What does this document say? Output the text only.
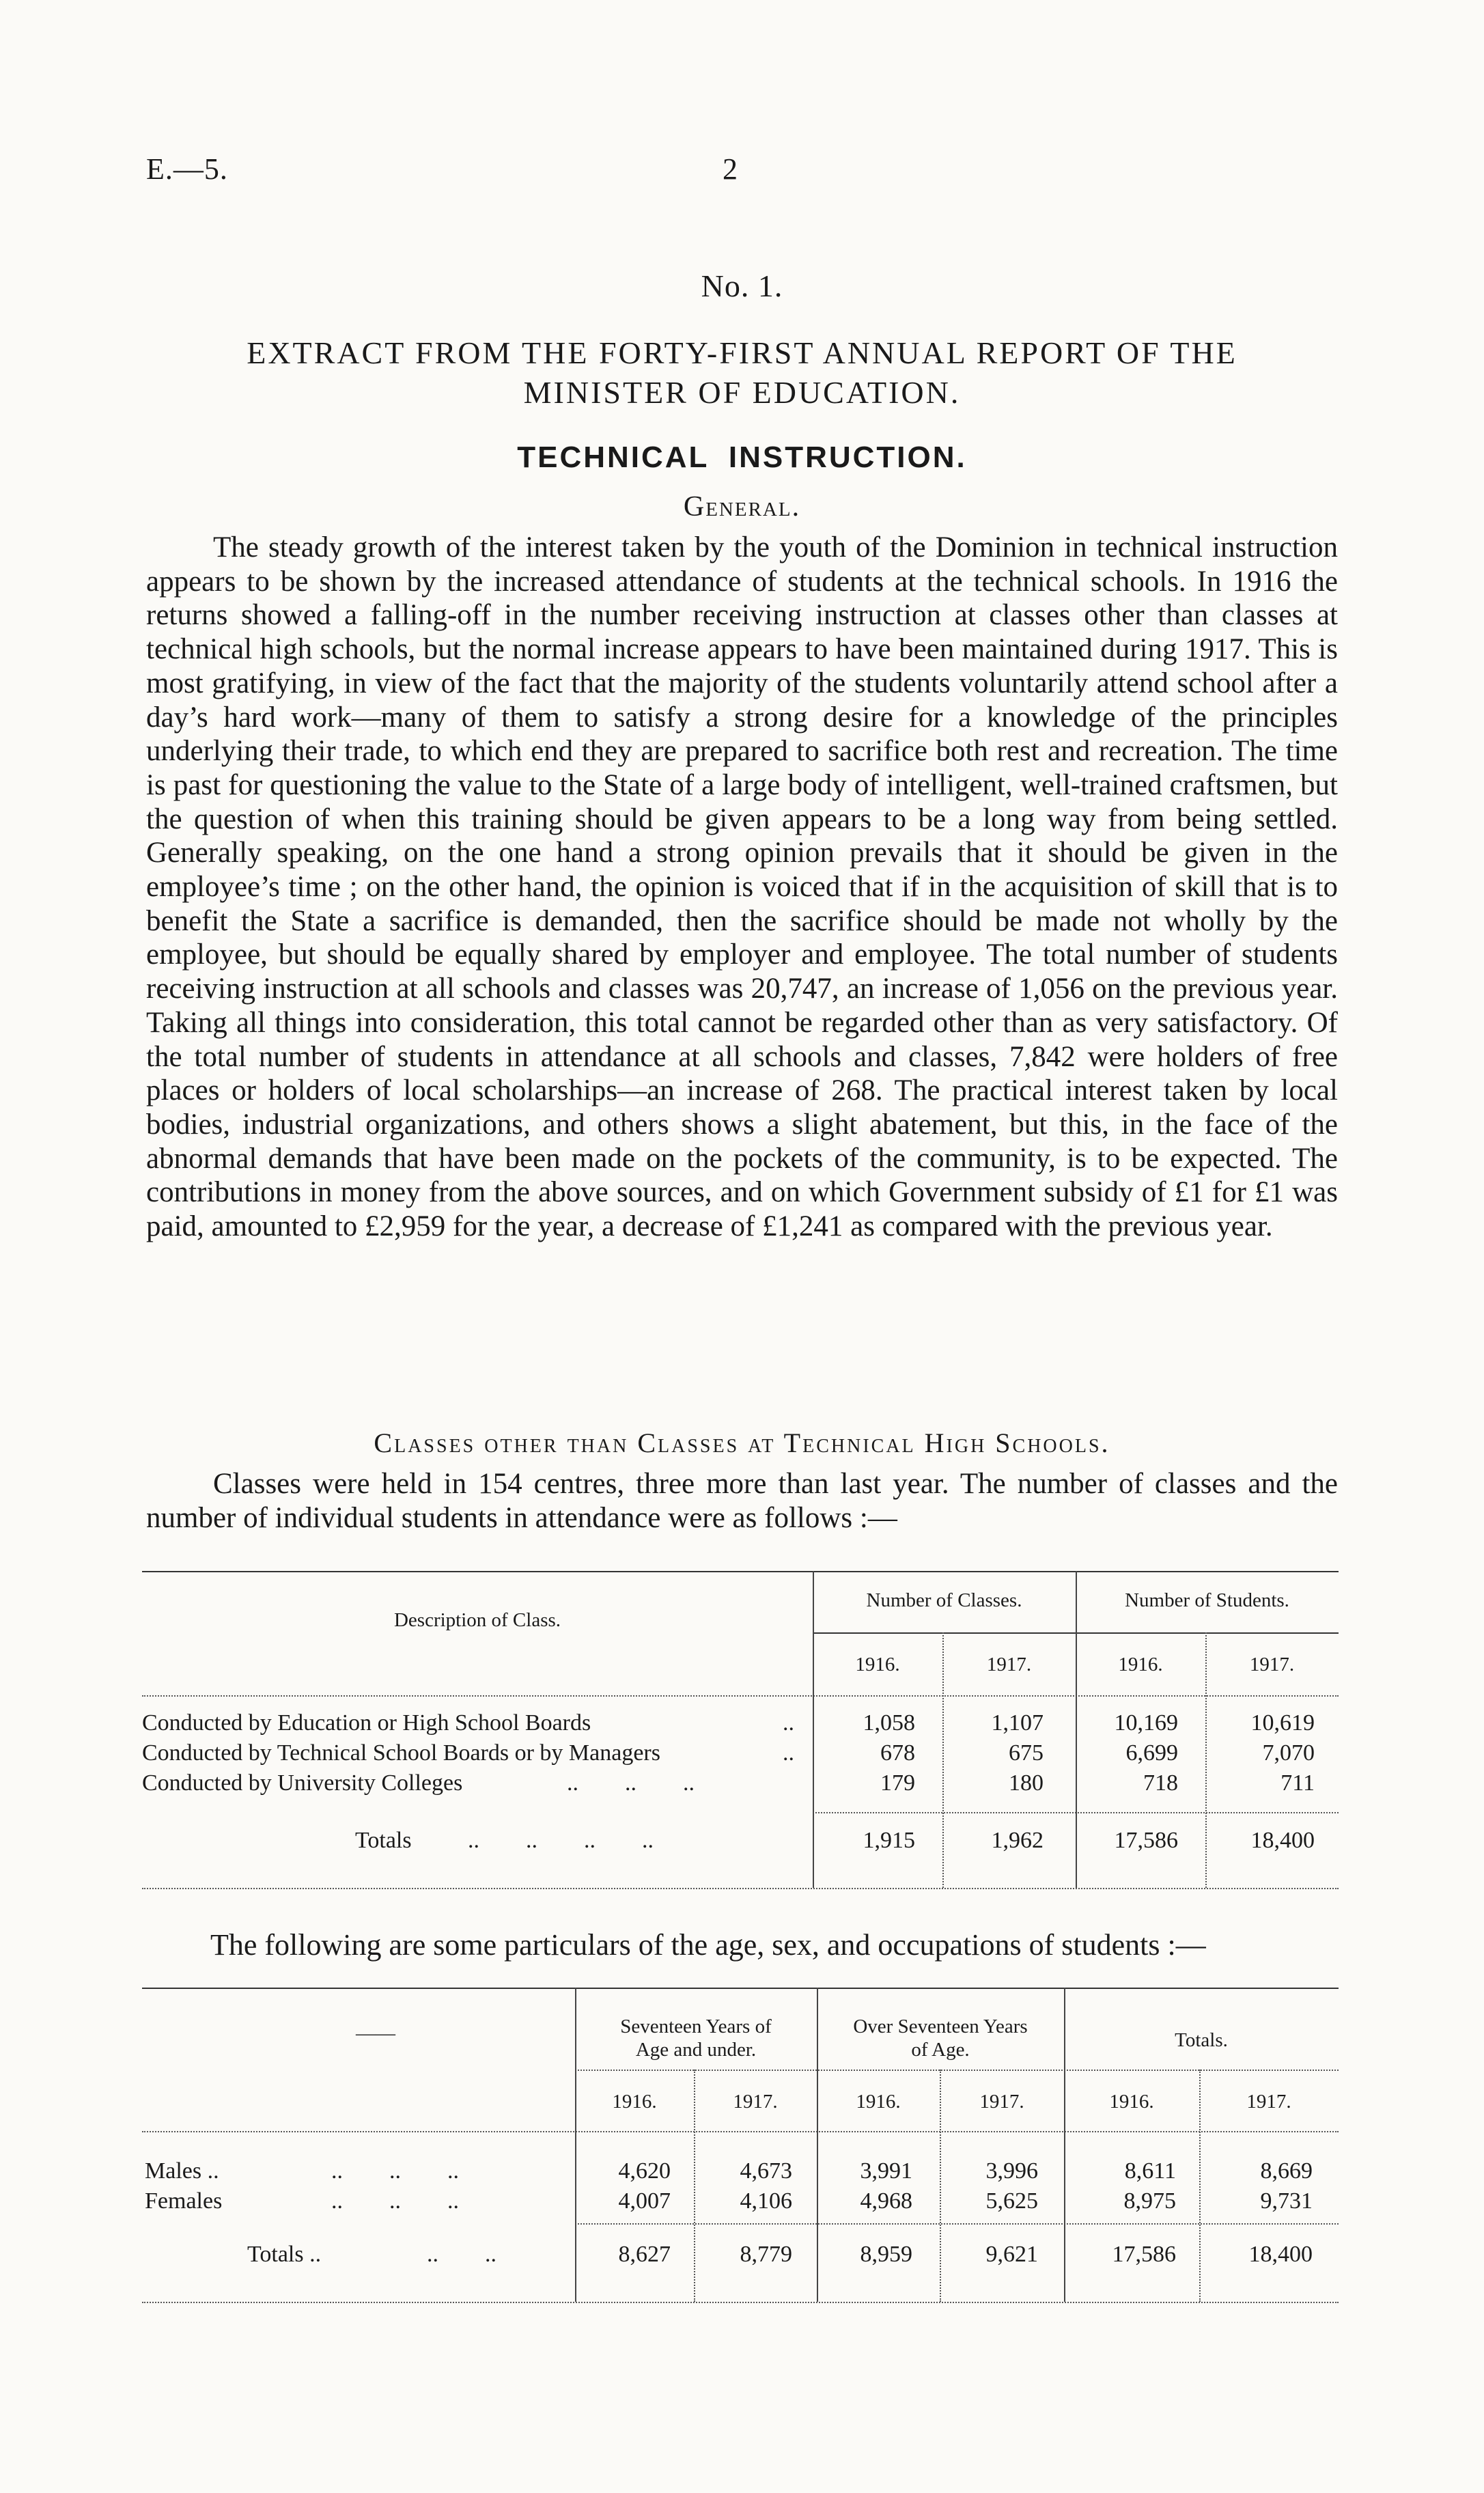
E.—5.	2
No. 1.
EXTRACT FROM THE FORTY-FIRST ANNUAL REPORT OF THE
MINISTER OF EDUCATION.
TECHNICAL INSTRUCTION.
General.

The steady growth of the interest taken by the youth of the Dominion in technical instruction appears to be shown by the increased attendance of students at the technical schools. In 1916 the returns showed a falling-off in the number receiving instruction at classes other than classes at technical high schools, but the normal increase appears to have been maintained during 1917. This is most gratifying, in view of the fact that the majority of the students voluntarily attend school after a day’s hard work—many of them to satisfy a strong desire for a knowledge of the principles underlying their trade, to which end they are prepared to sacrifice both rest and recreation. The time is past for questioning the value to the State of a large body of intelligent, well-trained craftsmen, but the question of when this training should be given appears to be a long way from being settled. Generally speaking, on the one hand a strong opinion prevails that it should be given in the employee’s time ; on the other hand, the opinion is voiced that if in the acquisition of skill that is to benefit the State a sacrifice is demanded, then the sacrifice should be made not wholly by the employee, but should be equally shared by employer and employee. The total number of students receiving instruction at all schools and classes was 20,747, an increase of 1,056 on the previous year. Taking all things into consideration, this total cannot be regarded other than as very satisfactory. Of the total number of students in attendance at all schools and classes, 7,842 were holders of free places or holders of local scholarships—an increase of 268. The practical interest taken by local bodies, industrial organizations, and others shows a slight abatement, but this, in the face of the abnormal demands that have been made on the pockets of the community, is to be expected. The contributions in money from the above sources, and on which Government subsidy of £1 for £1 was paid, amounted to £2,959 for the year, a decrease of £1,241 as compared with the previous year.

Classes other than Classes at Technical High Schools.

Classes were held in 154 centres, three more than last year. The number of classes and the number of individual students in attendance were as follows :—

Description of Class.
Number of Classes.	Number of Students.
1916.	1917.	1916.	1917.
Conducted by Education or High School Boards	..	1,058	1,107	10,169	10,619
Conducted by Technical School Boards or by Managers	..	678	675	6,699	7,070
Conducted by University Colleges	..        ..        ..	179	180	718	711
Totals ..        ..        ..        ..	1,915	1,962	17,586	18,400
The following are some particulars of the age, sex, and occupations of students :—
——	Seventeen Years of
Age and under.
Over Seventeen Years
of Age.	Totals.
1916.	1917.	1916.	1917.	1916.	1917.
Males ..	..        ..        ..	4,620	4,673	3,991	3,996	8,611	8,669
Females	..        ..        ..	4,007	4,106	4,968	5,625	8,975	9,731
Totals ..	..        ..	8,627	8,779	8,959	9,621	17,586	18,400
